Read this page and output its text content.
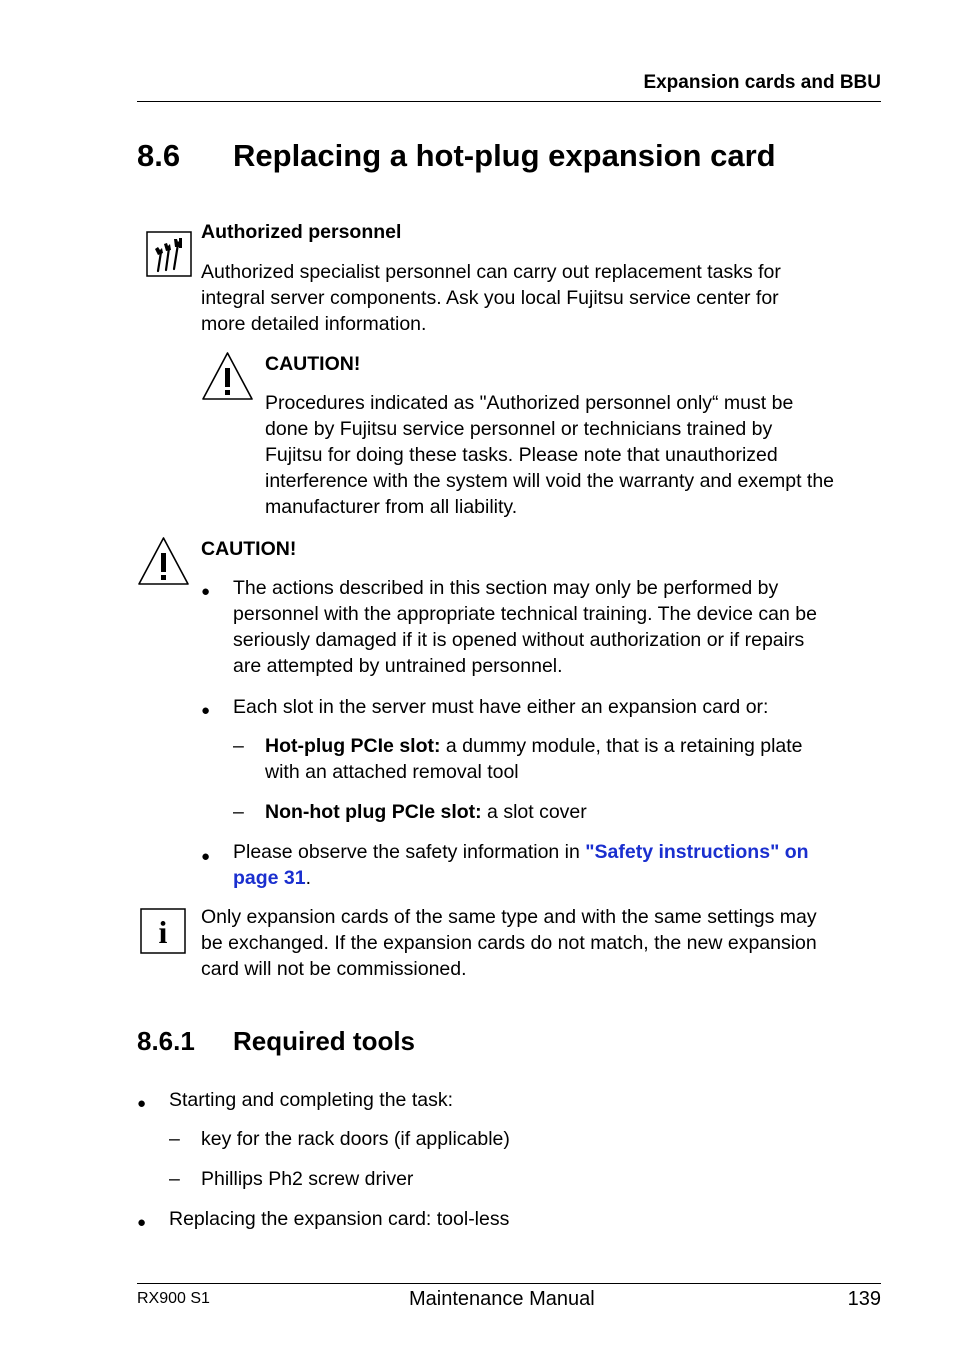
Expansion cards and BBU
8.6 Replacing a hot-plug expansion card
Authorized personnel
Authorized specialist personnel can carry out replacement tasks for
integral server components. Ask you local Fujitsu service center for
more detailed information.
CAUTION!
Procedures indicated as "Authorized personnel only“ must be
done by Fujitsu service personnel or technicians trained by
Fujitsu for doing these tasks. Please note that unauthorized
interference with the system will void the warranty and exempt the
manufacturer from all liability.
CAUTION!
● The actions described in this section may only be performed by
personnel with the appropriate technical training. The device can be
seriously damaged if it is opened without authorization or if repairs
are attempted by untrained personnel.
● Each slot in the server must have either an expansion card or:
– Hot-plug PCIe slot: a dummy module, that is a retaining plate
with an attached removal tool
– Non-hot plug PCIe slot: a slot cover
● Please observe the safety information in "Safety instructions" on
page 31.
i Only expansion cards of the same type and with the same settings may
be exchanged. If the expansion cards do not match, the new expansion
card will not be commissioned.
8.6.1 Required tools
● Starting and completing the task:
– key for the rack doors (if applicable)
– Phillips Ph2 screw driver
● Replacing the expansion card: tool-less
RX900 S1	Maintenance Manual	139
